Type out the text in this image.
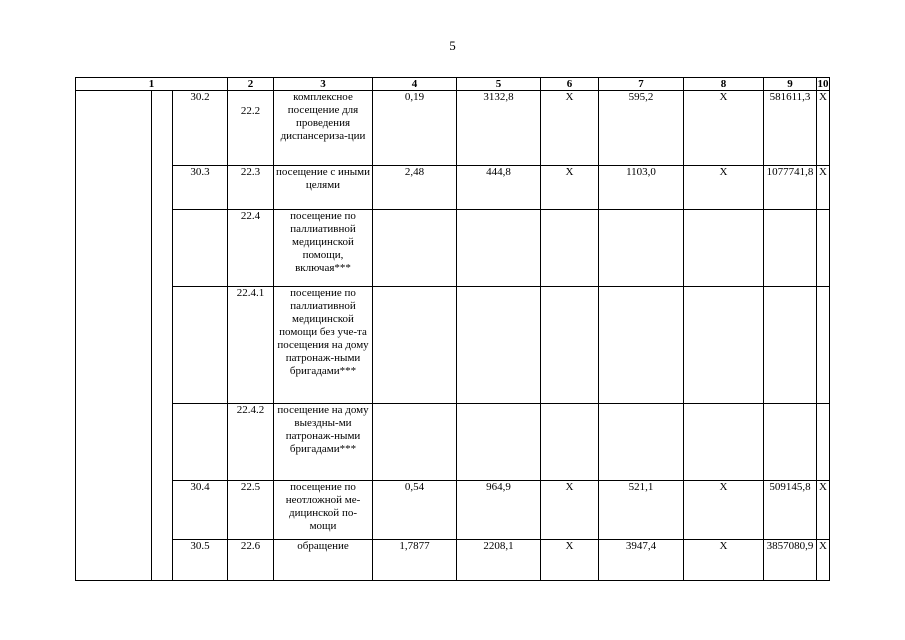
5
1			2	3	4	5	6	7	8	9	10
		30.2	22.2	комплексное посещение для проведения диспансериза-ции	0,19	3132,8	Х	595,2	Х	581611,3	Х
		30.3	22.3	посещение с иными целями	2,48	444,8	Х	1103,0	Х	1077741,8	Х
			22.4	посещение по паллиативной медицинской помощи, включая***							
			22.4.1	посещение по паллиативной медицинской помощи без уче-та посещения на дому патронаж-ными бригадами***							
			22.4.2	посещение на дому выездны-ми патронаж-ными бригадами***							
		30.4	22.5	посещение по неотложной ме-дицинской по-мощи	0,54	964,9	Х	521,1	Х	509145,8	Х
		30.5	22.6	обращение	1,7877	2208,1	Х	3947,4	Х	3857080,9	Х
